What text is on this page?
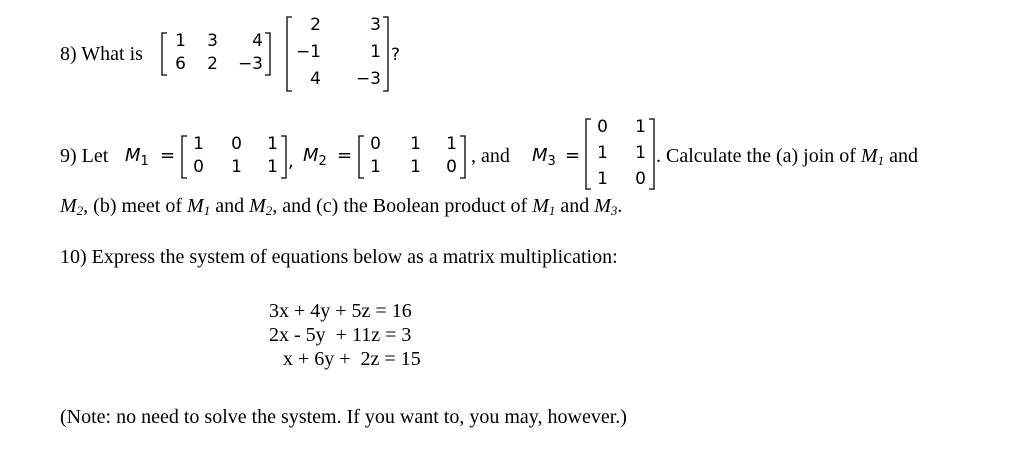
8) What is
1	3	4
6	2 −3
2	3
−1	1
4	−3
?
9) Let $M_1$ =
1	0	1
0	1	1 , $M_2$ =
0	1	1
1	1	0 , and $M_3$ =
0	1
1	1
1	0
. Calculate the (a) join of M1 and
M2, (b) meet of M1 and M2, and (c) the Boolean product of M1 and M3.
10) Express the system of equations below as a matrix multiplication:
3x + 4y + 5z = 16
2x - 5y  + 11z = 3
x + 6y +  2z = 15
(Note: no need to solve the system. If you want to, you may, however.)
